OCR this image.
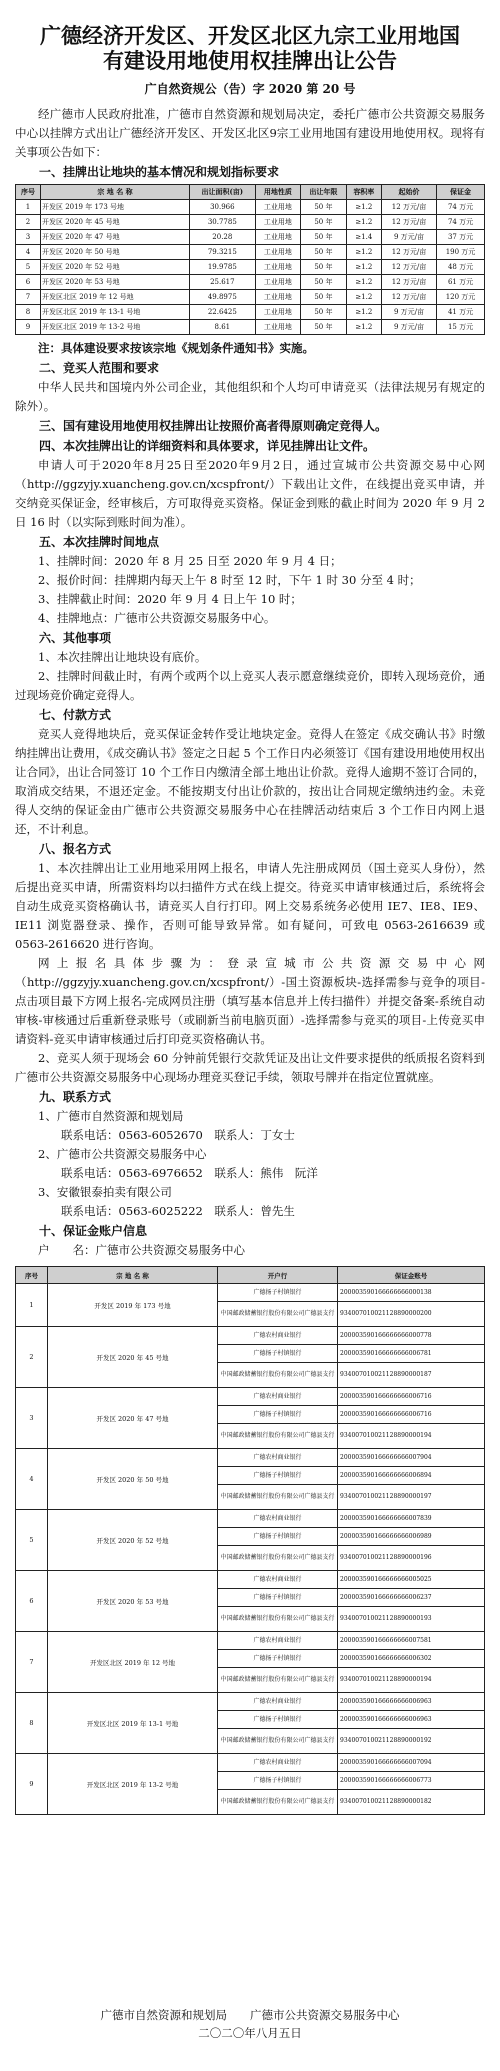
广德经济开发区、开发区北区九宗工业用地国
有建设用地使用权挂牌出让公告
广自然资规公（告）字 2020 第 20 号

经广德市人民政府批准，广德市自然资源和规划局决定，委托广德市公共资源交易服务中心以挂牌方式出让广德经济开发区、开发区北区9宗工业用地国有建设用地使用权。现将有关事项公告如下：

一、挂牌出让地块的基本情况和规划指标要求
序号	宗 地 名 称	出让面积(亩)	用地性质	出让年限	容积率	起始价	保证金
1	开发区 2019 年 173 号地	30.966	工业用地	50 年	≥1.2	12 万元/亩	74 万元
2	开发区 2020 年 45 号地	30.7785	工业用地	50 年	≥1.2	12 万元/亩	74 万元
3	开发区 2020 年 47 号地	20.28	工业用地	50 年	≥1.4	9 万元/亩	37 万元
4	开发区 2020 年 50 号地	79.3215	工业用地	50 年	≥1.2	12 万元/亩	190 万元
5	开发区 2020 年 52 号地	19.9785	工业用地	50 年	≥1.2	12 万元/亩	48 万元
6	开发区 2020 年 53 号地	25.617	工业用地	50 年	≥1.2	12 万元/亩	61 万元
7	开发区北区 2019 年 12 号地	49.8975	工业用地	50 年	≥1.2	12 万元/亩	120 万元
8	开发区北区 2019 年 13-1 号地	22.6425	工业用地	50 年	≥1.2	9 万元/亩	41 万元
9	开发区北区 2019 年 13-2 号地	8.61	工业用地	50 年	≥1.2	9 万元/亩	15 万元

注：具体建设要求按该宗地《规划条件通知书》实施。

二、竞买人范围和要求

中华人民共和国境内外公司企业，其他组织和个人均可申请竞买（法律法规另有规定的除外）。

三、国有建设用地使用权挂牌出让按照价高者得原则确定竞得人。
四、本次挂牌出让的详细资料和具体要求，详见挂牌出让文件。

申请人可于2020年8月25日至2020年9月2日，通过宣城市公共资源交易中心网（http://ggzyjy.xuancheng.gov.cn/xcspfront/）下载出让文件，在线提出竞买申请，并交纳竞买保证金，经审核后，方可取得竞买资格。保证金到账的截止时间为 2020 年 9 月 2 日 16 时（以实际到账时间为准）。

五、本次挂牌时间地点

1、挂牌时间：2020 年 8 月 25 日至 2020 年 9 月 4 日；

2、报价时间：挂牌期内每天上午 8 时至 12 时，下午 1 时 30 分至 4 时；

3、挂牌截止时间：2020 年 9 月 4 日上午 10 时；

4、挂牌地点：广德市公共资源交易服务中心。

六、其他事项

1、本次挂牌出让地块设有底价。

2、挂牌时间截止时，有两个或两个以上竞买人表示愿意继续竞价，即转入现场竞价，通过现场竞价确定竞得人。

七、付款方式

竞买人竞得地块后，竞买保证金转作受让地块定金。竞得人在签定《成交确认书》时缴纳挂牌出让费用，《成交确认书》签定之日起 5 个工作日内必须签订《国有建设用地使用权出让合同》，出让合同签订 10 个工作日内缴清全部土地出让价款。竞得人逾期不签订合同的，取消成交结果，不退还定金。不能按期支付出让价款的，按出让合同规定缴纳违约金。未竞得人交纳的保证金由广德市公共资源交易服务中心在挂牌活动结束后 3 个工作日内网上退还，不计利息。

八、报名方式

1、本次挂牌出让工业用地采用网上报名，申请人先注册成网员（国土竞买人身份），然后提出竞买申请，所需资料均以扫描件方式在线上提交。待竞买申请审核通过后，系统将会自动生成竞买资格确认书，请竞买人自行打印。网上交易系统务必使用 IE7、IE8、IE9、IE11 浏览器登录、操作，否则可能导致异常。如有疑问，可致电 0563-2616639 或 0563-2616620 进行咨询。

网上报名具体步骤为：登录宣城市公共资源交易中心网（http://ggzyjy.xuancheng.gov.cn/xcspfront/）-国土资源板块-选择需参与竞争的项目-点击项目最下方网上报名-完成网员注册（填写基本信息并上传扫描件）并提交备案-系统自动审核-审核通过后重新登录账号（或刷新当前电脑页面）-选择需参与竞买的项目-上传竞买申请资料-竞买申请审核通过后打印竞买资格确认书。

2、竞买人须于现场会 60 分钟前凭银行交款凭证及出让文件要求提供的纸质报名资料到广德市公共资源交易服务中心现场办理竞买登记手续，领取号牌并在指定位置就座。

九、联系方式

1、广德市自然资源和规划局

联系电话：0563-6052670　联系人：丁女士

2、广德市公共资源交易服务中心

联系电话：0563-6976652　联系人：熊伟　阮洋

3、安徽银泰拍卖有限公司

联系电话：0563-6025222　联系人：曾先生

十、保证金账户信息

户　　名：广德市公共资源交易服务中心

序号	宗 地 名 称	开户行	保证金账号
1	开发区 2019 年 173 号地	广德扬子村镇银行	200003590166666666000138
		中国邮政储蓄银行股份有限公司广德县支行	934007010021128890000200
2	开发区 2020 年 45 号地	广德农村商业银行	200003590166666666000778
		广德扬子村镇银行	200003590166666666006781
		中国邮政储蓄银行股份有限公司广德县支行	934007010021128890000187
3	开发区 2020 年 47 号地	广德农村商业银行	200003590166666666006716
		广德扬子村镇银行	200003590166666666006716
		中国邮政储蓄银行股份有限公司广德县支行	934007010021128890000194
4	开发区 2020 年 50 号地	广德农村商业银行	200003590166666666007904
		广德扬子村镇银行	200003590166666666006894
		中国邮政储蓄银行股份有限公司广德县支行	934007010021128890000197
5	开发区 2020 年 52 号地	广德农村商业银行	200003590166666666007839
		广德扬子村镇银行	200003590166666666006989
		中国邮政储蓄银行股份有限公司广德县支行	934007010021128890000196
6	开发区 2020 年 53 号地	广德农村商业银行	200003590166666666005025
		广德扬子村镇银行	200003590166666666006237
		中国邮政储蓄银行股份有限公司广德县支行	934007010021128890000193
7	开发区北区 2019 年 12 号地	广德农村商业银行	200003590166666666007581
		广德扬子村镇银行	200003590166666666006302
		中国邮政储蓄银行股份有限公司广德县支行	934007010021128890000194
8	开发区北区 2019 年 13-1 号地	广德农村商业银行	200003590166666666006963
		广德扬子村镇银行	200003590166666666006963
		中国邮政储蓄银行股份有限公司广德县支行	934007010021128890000192
9	开发区北区 2019 年 13-2 号地	广德农村商业银行	200003590166666666007094
		广德扬子村镇银行	200003590166666666006773
		中国邮政储蓄银行股份有限公司广德县支行	934007010021128890000182
广德市自然资源和规划局　　广德市公共资源交易服务中心
二〇二〇年八月五日
